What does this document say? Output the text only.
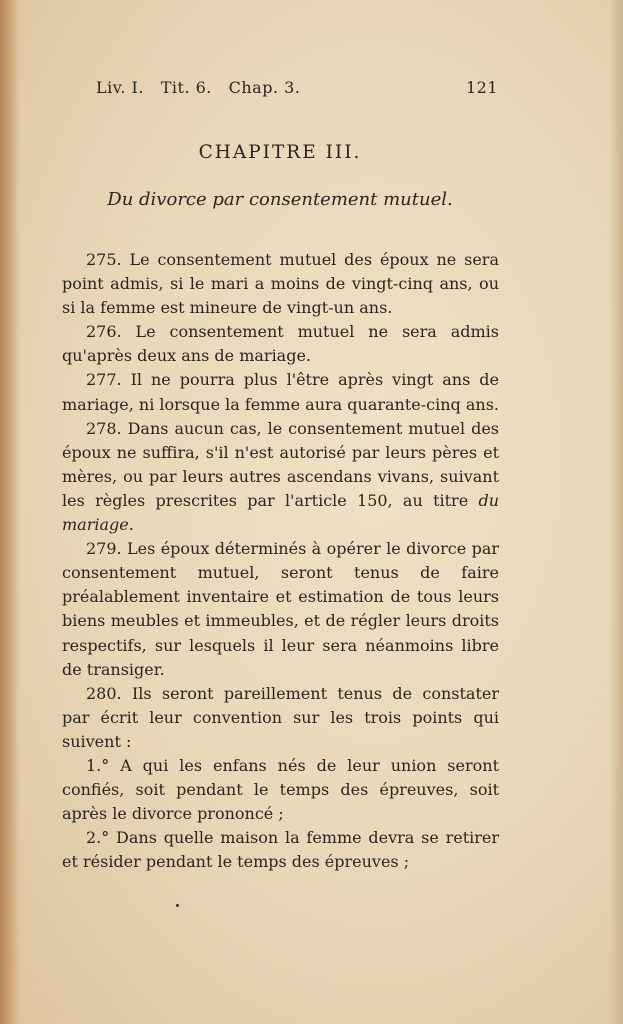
Liv. I.   Tit. 6.   Chap. 3.	121
CHAPITRE III.
Du divorce par consentement mutuel.

275. Le consentement mutuel des époux ne sera point admis, si le mari a moins de vingt-cinq ans, ou si la femme est mineure de vingt-un ans.

276. Le consentement mutuel ne sera admis qu'après deux ans de mariage.

277. Il ne pourra plus l'être après vingt ans de mariage, ni lorsque la femme aura quarante-cinq ans.

278. Dans aucun cas, le consentement mutuel des époux ne suffira, s'il n'est autorisé par leurs pères et mères, ou par leurs autres ascendans vivans, suivant les règles prescrites par l'article 150, au titre du mariage.

279. Les époux déterminés à opérer le divorce par consentement mutuel, seront tenus de faire préalablement inventaire et estimation de tous leurs biens meubles et immeubles, et de régler leurs droits respectifs, sur lesquels il leur sera néanmoins libre de transiger.

280. Ils seront pareillement tenus de constater par écrit leur convention sur les trois points qui suivent :

1.° A qui les enfans nés de leur union seront confiés, soit pendant le temps des épreuves, soit après le divorce prononcé ;

2.° Dans quelle maison la femme devra se retirer et résider pendant le temps des épreuves ;
